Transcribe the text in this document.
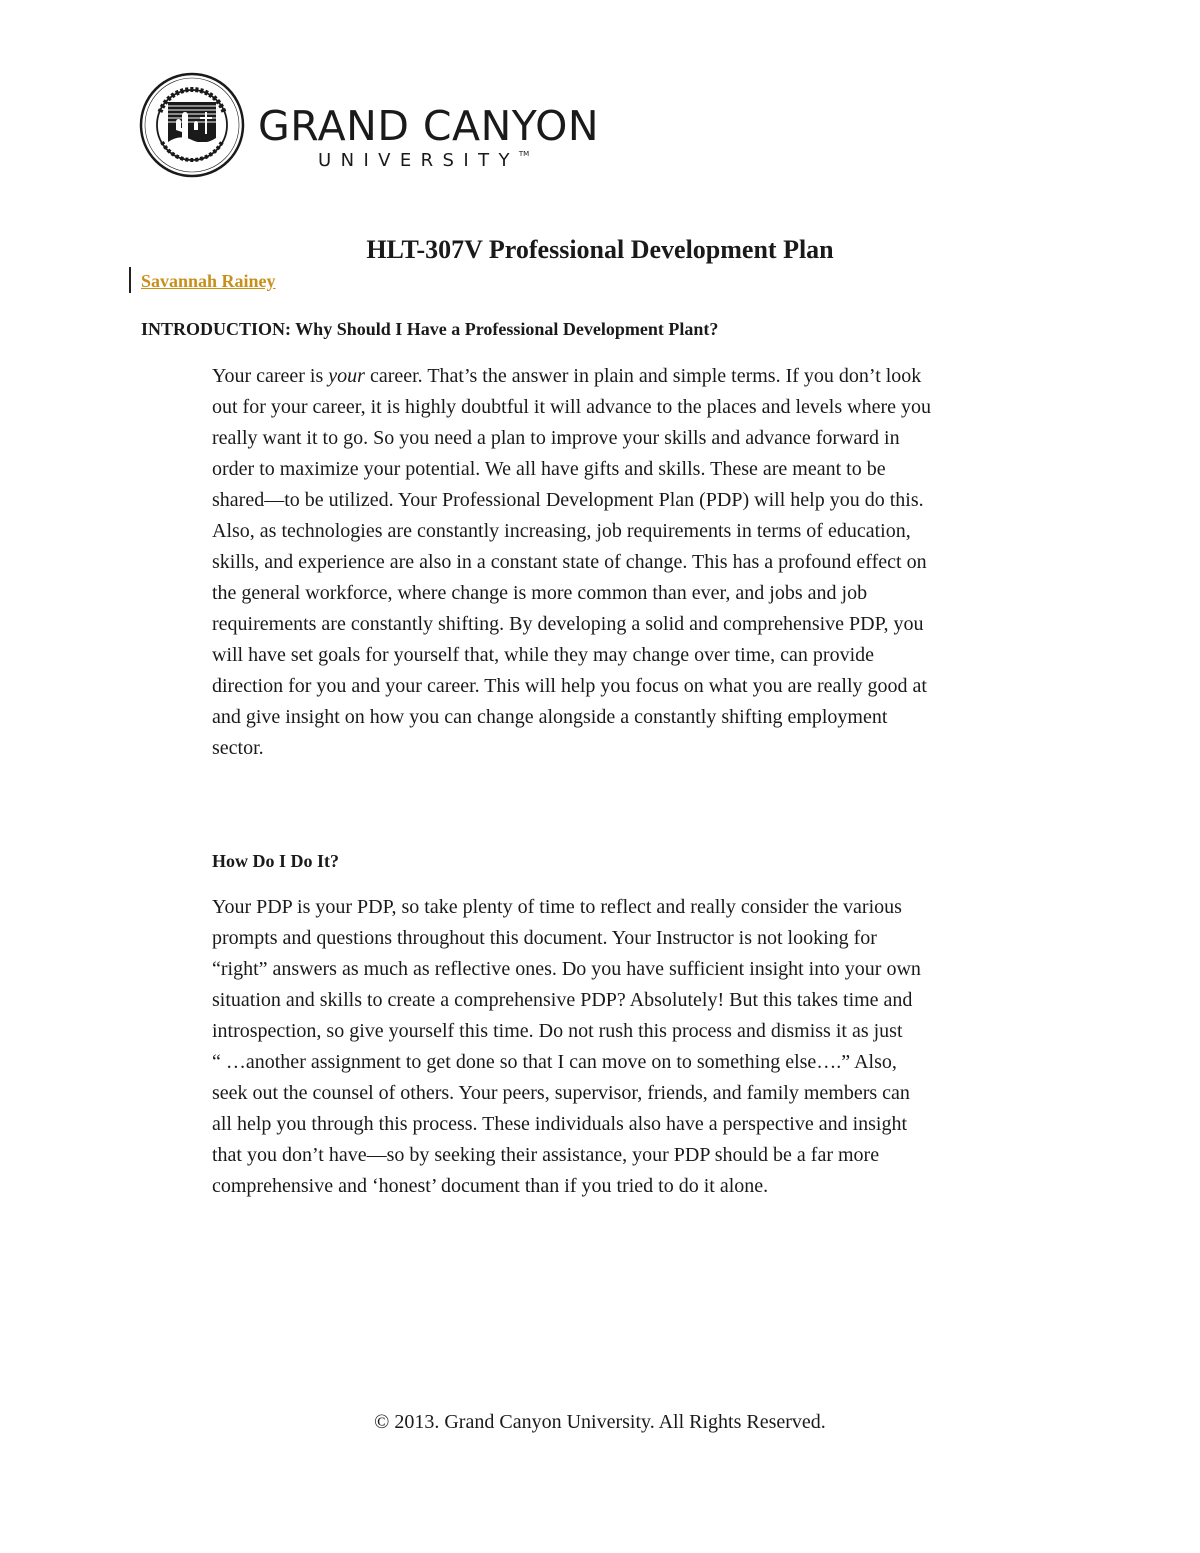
GRAND CANYON
UNIVERSITY™
HLT-307V Professional Development Plan
Savannah Rainey
INTRODUCTION: Why Should I Have a Professional Development Plant?
Your career is your career. That’s the answer in plain and simple terms. If you don’t look
out for your career, it is highly doubtful it will advance to the places and levels where you
really want it to go. So you need a plan to improve your skills and advance forward in
order to maximize your potential. We all have gifts and skills. These are meant to be
shared—to be utilized. Your Professional Development Plan (PDP) will help you do this.
Also, as technologies are constantly increasing, job requirements in terms of education,
skills, and experience are also in a constant state of change. This has a profound effect on
the general workforce, where change is more common than ever, and jobs and job
requirements are constantly shifting. By developing a solid and comprehensive PDP, you
will have set goals for yourself that, while they may change over time, can provide
direction for you and your career. This will help you focus on what you are really good at
and give insight on how you can change alongside a constantly shifting employment
sector.
How Do I Do It?
Your PDP is your PDP, so take plenty of time to reflect and really consider the various
prompts and questions throughout this document. Your Instructor is not looking for
“right” answers as much as reflective ones. Do you have sufficient insight into your own
situation and skills to create a comprehensive PDP? Absolutely! But this takes time and
introspection, so give yourself this time. Do not rush this process and dismiss it as just
“ …another assignment to get done so that I can move on to something else….” Also,
seek out the counsel of others. Your peers, supervisor, friends, and family members can
all help you through this process. These individuals also have a perspective and insight
that you don’t have—so by seeking their assistance, your PDP should be a far more
comprehensive and ‘honest’ document than if you tried to do it alone.
© 2013. Grand Canyon University. All Rights Reserved.
